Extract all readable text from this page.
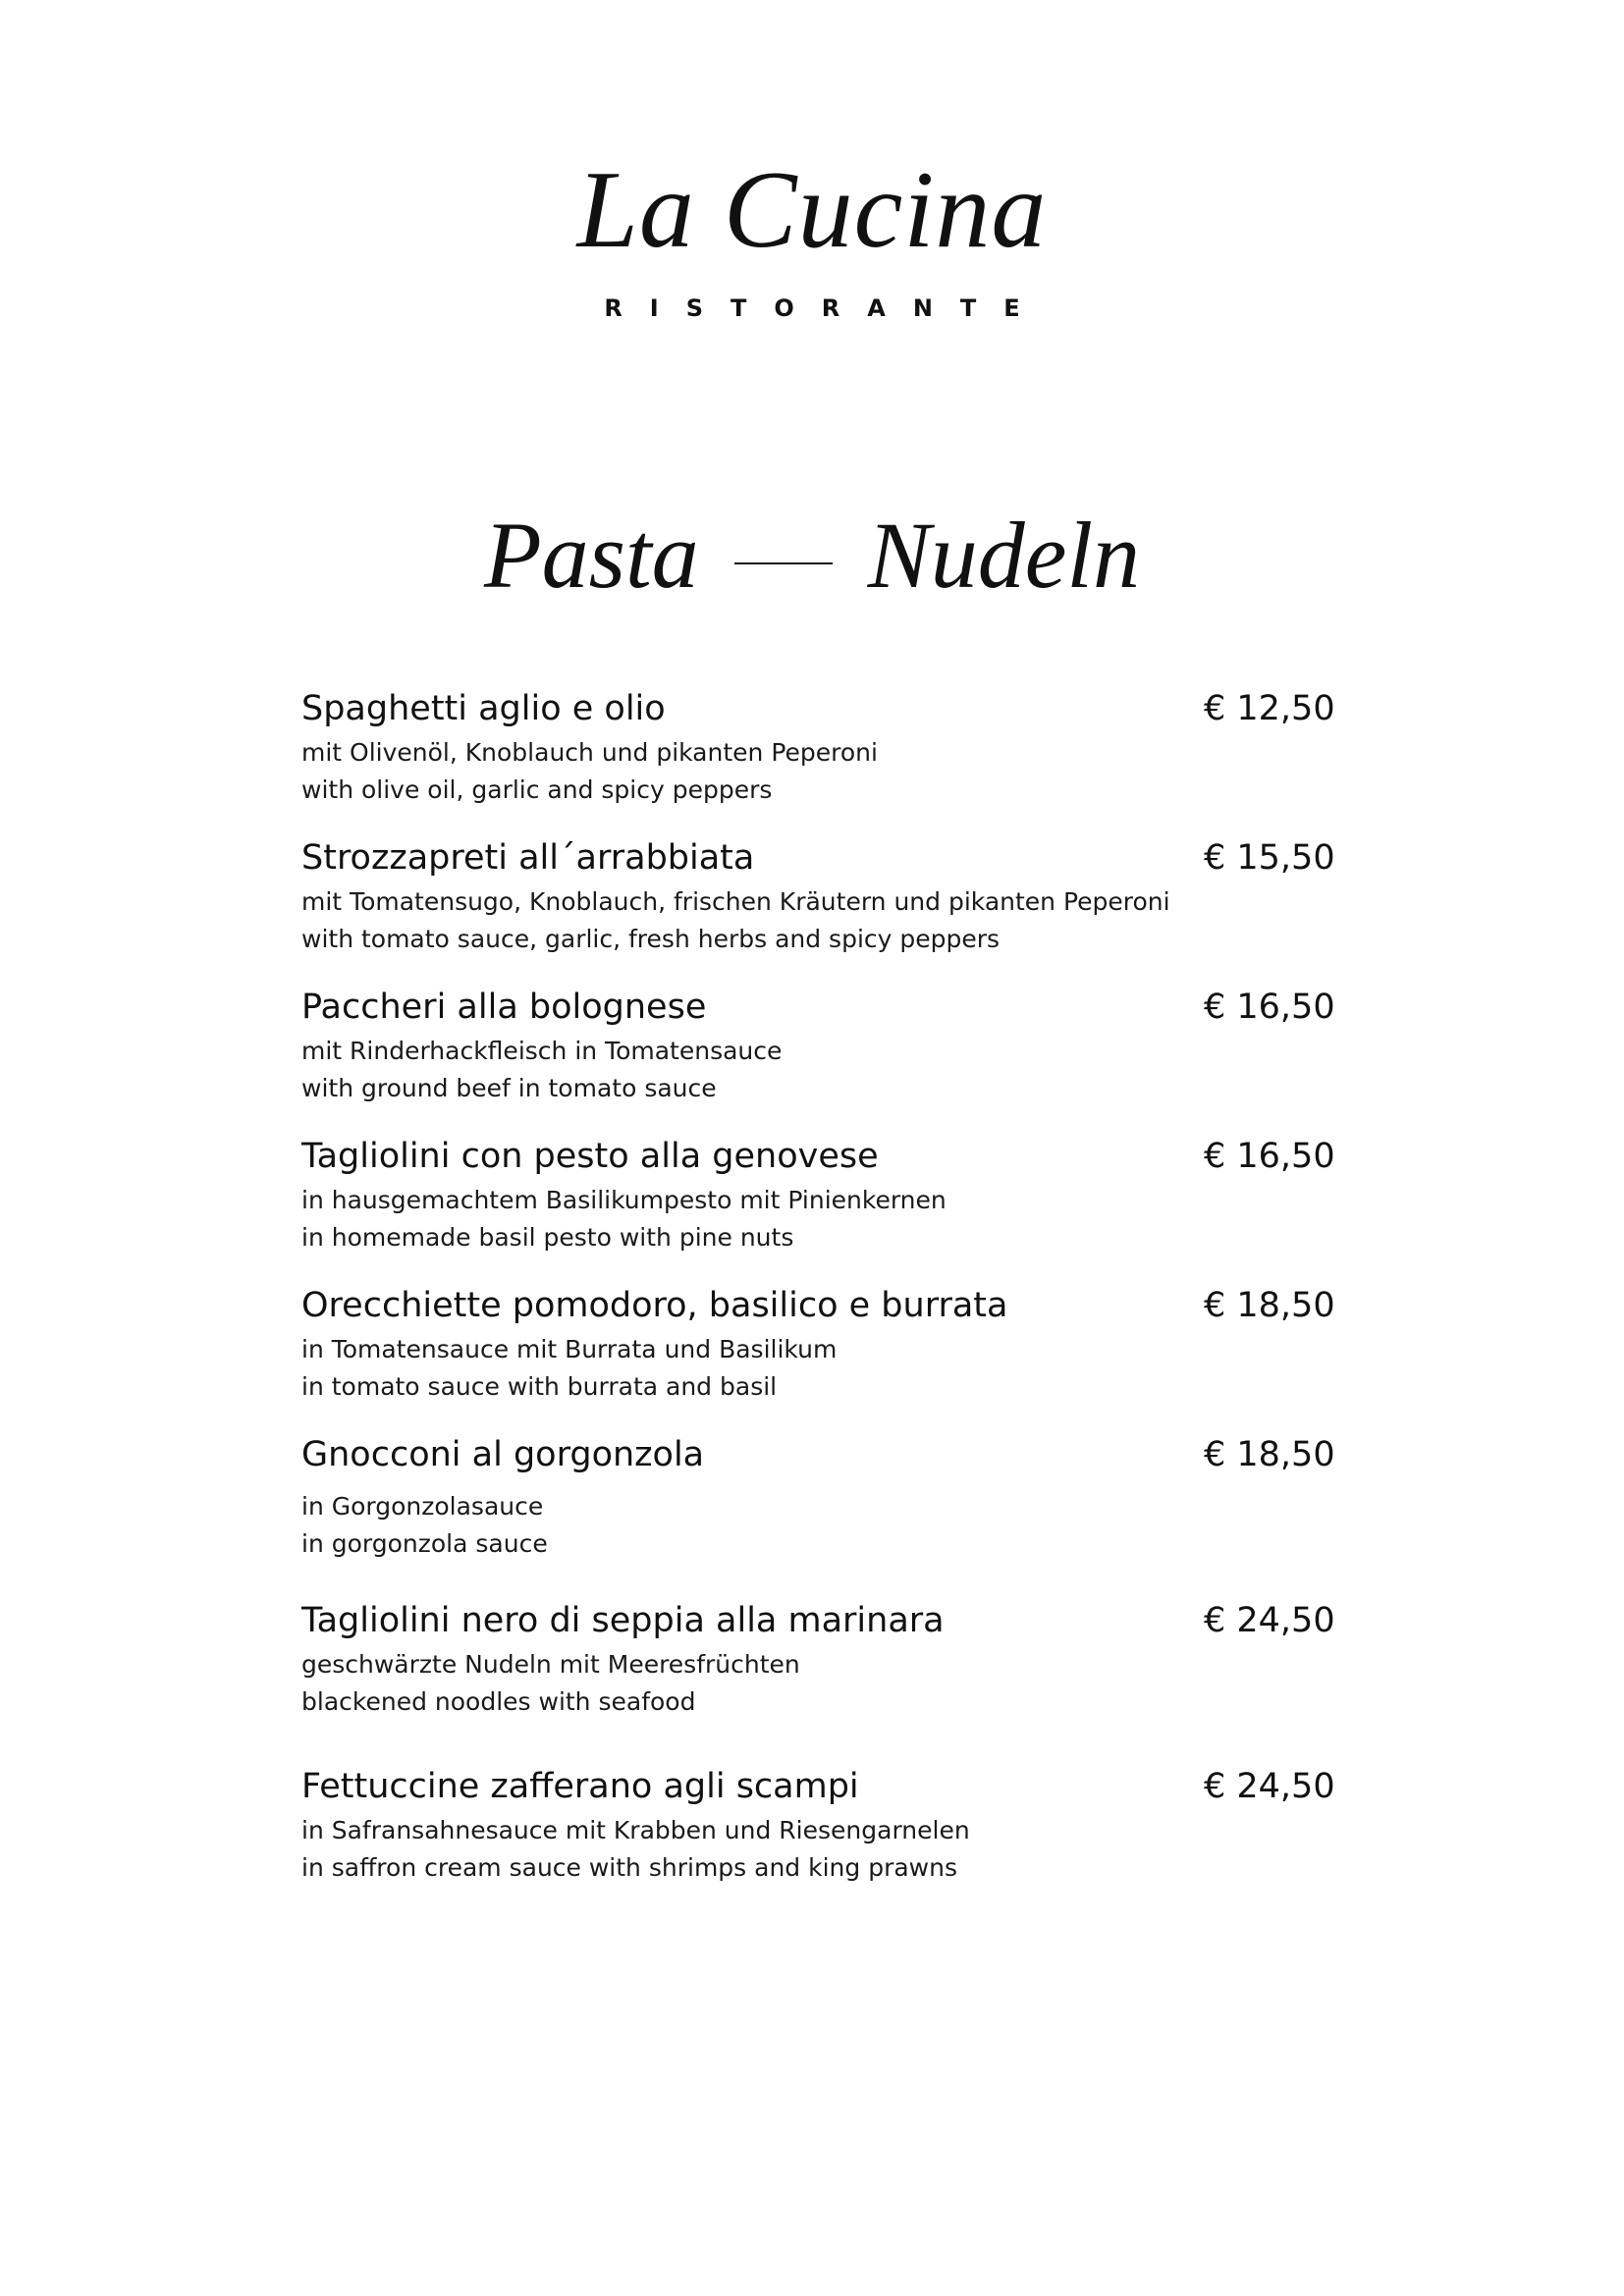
La Cucina
RISTORANTE
Pasta Nudeln
Spaghetti aglio e olio
mit Olivenöl, Knoblauch und pikanten Peperoni
with olive oil, garlic and spicy peppers
€ 12,50
Strozzapreti all´arrabbiata
mit Tomatensugo, Knoblauch, frischen Kräutern und pikanten Peperoni
with tomato sauce, garlic, fresh herbs and spicy peppers
€ 15,50
Paccheri alla bolognese
mit Rinderhackfleisch in Tomatensauce
with ground beef in tomato sauce
€ 16,50
Tagliolini con pesto alla genovese
in hausgemachtem Basilikumpesto mit Pinienkernen
in homemade basil pesto with pine nuts
€ 16,50
Orecchiette pomodoro, basilico e burrata
in Tomatensauce mit Burrata und Basilikum
in tomato sauce with burrata and basil
€ 18,50
Gnocconi al gorgonzola
in Gorgonzolasauce
in gorgonzola sauce
€ 18,50
Tagliolini nero di seppia alla marinara
geschwärzte Nudeln mit Meeresfrüchten
blackened noodles with seafood
€ 24,50
Fettuccine zafferano agli scampi
in Safransahnesauce mit Krabben und Riesengarnelen
in saffron cream sauce with shrimps and king prawns
€ 24,50
